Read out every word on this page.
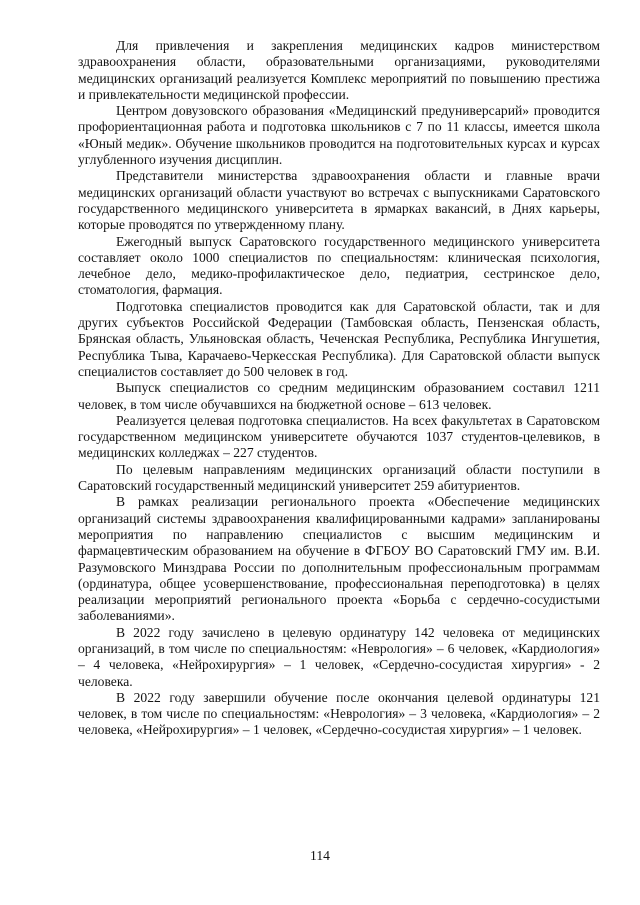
Для привлечения и закрепления медицинских кадров министерством здравоохранения области, образовательными организациями, руководителями медицинских организаций реализуется Комплекс мероприятий по повышению престижа и привлекательности медицинской профессии.

Центром довузовского образования «Медицинский предуниверсарий» проводится профориентационная работа и подготовка школьников с 7 по 11 классы, имеется школа «Юный медик». Обучение школьников проводится на подготовительных курсах и курсах углубленного изучения дисциплин.

Представители министерства здравоохранения области и главные врачи медицинских организаций области участвуют во встречах с выпускниками Саратовского государственного медицинского университета в ярмарках вакансий, в Днях карьеры, которые проводятся по утвержденному плану.

Ежегодный выпуск Саратовского государственного медицинского университета составляет около 1000 специалистов по специальностям: клиническая психология, лечебное дело, медико-профилактическое дело, педиатрия, сестринское дело, стоматология, фармация.

Подготовка специалистов проводится как для Саратовской области, так и для других субъектов Российской Федерации (Тамбовская область, Пензенская область, Брянская область, Ульяновская область, Чеченская Республика, Республика Ингушетия, Республика Тыва, Карачаево-Черкесская Республика). Для Саратовской области выпуск специалистов составляет до 500 человек в год.

Выпуск специалистов со средним медицинским образованием составил 1211 человек, в том числе обучавшихся на бюджетной основе – 613 человек.

Реализуется целевая подготовка специалистов. На всех факультетах в Саратовском государственном медицинском университете обучаются 1037 студентов-целевиков, в медицинских колледжах – 227 студентов.

По целевым направлениям медицинских организаций области поступили в Саратовский государственный медицинский университет 259 абитуриентов.

В рамках реализации регионального проекта «Обеспечение медицинских организаций системы здравоохранения квалифицированными кадрами» запланированы мероприятия по направлению специалистов с высшим медицинским и фармацевтическим образованием на обучение в ФГБОУ ВО Саратовский ГМУ им. В.И. Разумовского Минздрава России по дополнительным профессиональным программам (ординатура, общее усовершенствование, профессиональная переподготовка) в целях реализации мероприятий регионального проекта «Борьба с сердечно-сосудистыми заболеваниями».

В 2022 году зачислено в целевую ординатуру 142 человека от медицинских организаций, в том числе по специальностям: «Неврология» – 6 человек, «Кардиология» – 4 человека, «Нейрохирургия» – 1 человек, «Сердечно-сосудистая хирургия» - 2 человека.

В 2022 году завершили обучение после окончания целевой ординатуры 121 человек, в том числе по специальностям: «Неврология» – 3 человека, «Кардиология» – 2 человека, «Нейрохирургия» – 1 человек, «Сердечно-сосудистая хирургия» – 1 человек.

114
